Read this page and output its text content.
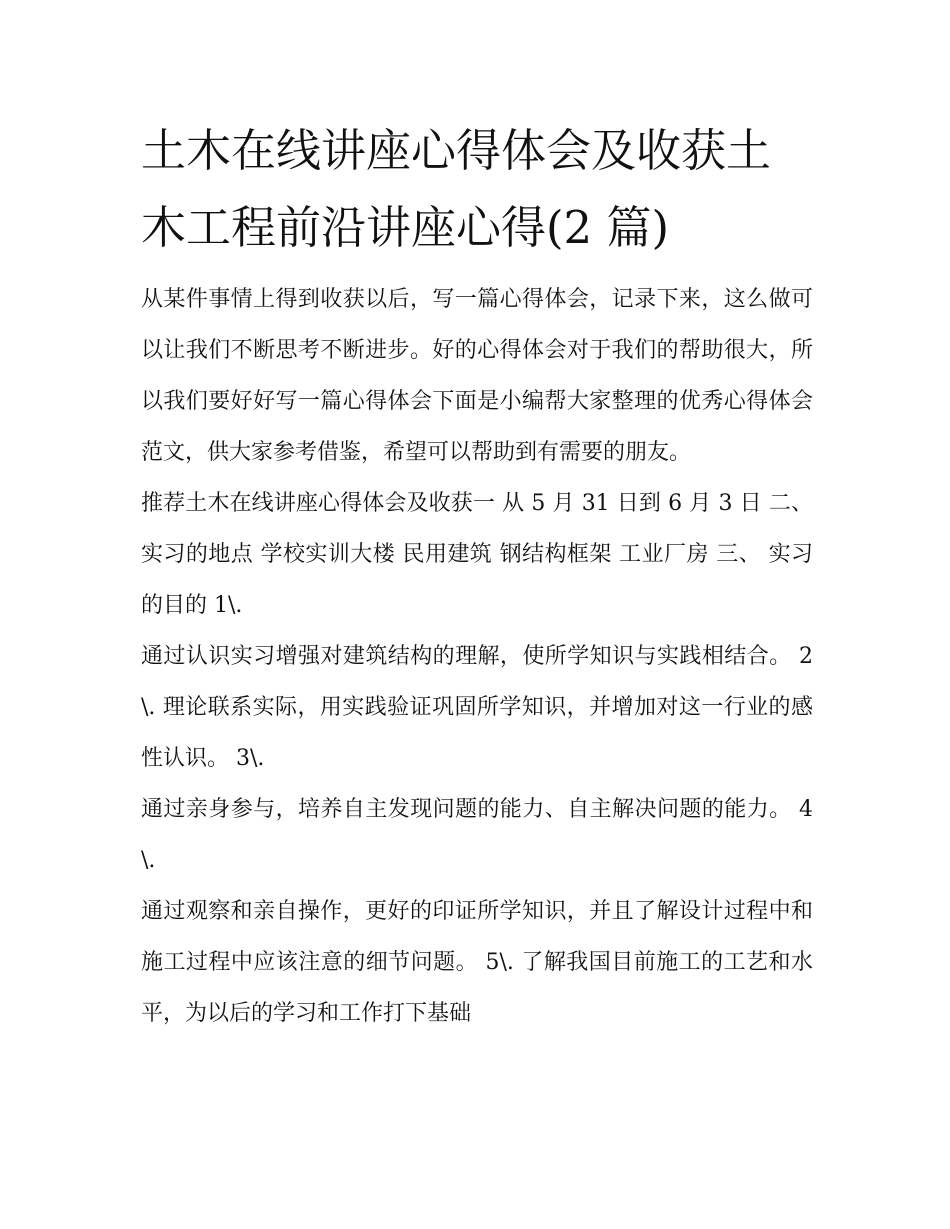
土木在线讲座心得体会及收获土木工程前沿讲座心得(2 篇)

从某件事情上得到收获以后，写一篇心得体会，记录下来，这么做可以让我们不断思考不断进步。好的心得体会对于我们的帮助很大，所以我们要好好写一篇心得体会下面是小编帮大家整理的优秀心得体会范文，供大家参考借鉴，希望可以帮助到有需要的朋友。

推荐土木在线讲座心得体会及收获一 从 5 月 31 日到 6 月 3 日 二、实习的地点 学校实训大楼 民用建筑 钢结构框架 工业厂房 三、 实习的目的 1\.

通过认识实习增强对建筑结构的理解，使所学知识与实践相结合。 2\. 理论联系实际，用实践验证巩固所学知识，并增加对这一行业的感性认识。 3\.

通过亲身参与，培养自主发现问题的能力、自主解决问题的能力。 4\.

通过观察和亲自操作，更好的印证所学知识，并且了解设计过程中和施工过程中应该注意的细节问题。 5\. 了解我国目前施工的工艺和水平，为以后的学习和工作打下基础
